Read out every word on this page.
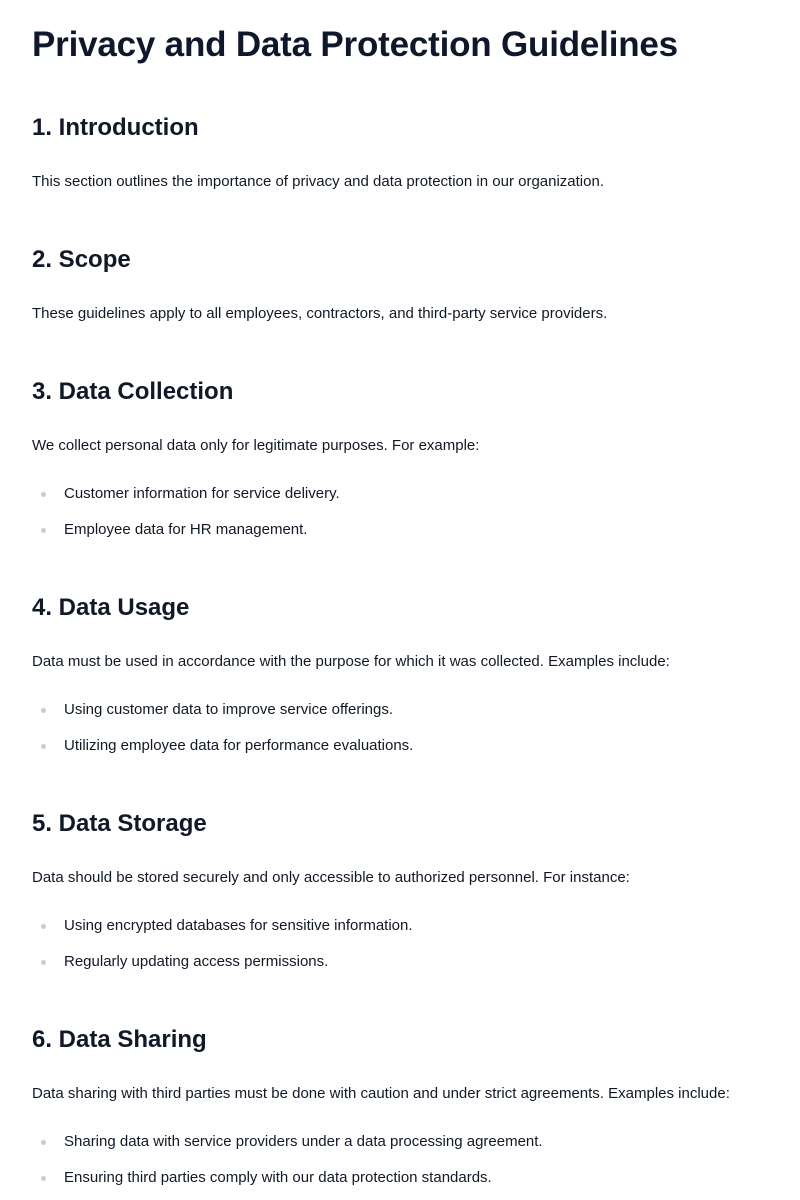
Privacy and Data Protection Guidelines
1. Introduction

This section outlines the importance of privacy and data protection in our organization.

2. Scope

These guidelines apply to all employees, contractors, and third-party service providers.

3. Data Collection

We collect personal data only for legitimate purposes. For example:

Customer information for service delivery.
Employee data for HR management.
4. Data Usage

Data must be used in accordance with the purpose for which it was collected. Examples include:

Using customer data to improve service offerings.
Utilizing employee data for performance evaluations.
5. Data Storage

Data should be stored securely and only accessible to authorized personnel. For instance:

Using encrypted databases for sensitive information.
Regularly updating access permissions.
6. Data Sharing

Data sharing with third parties must be done with caution and under strict agreements. Examples include:

Sharing data with service providers under a data processing agreement.
Ensuring third parties comply with our data protection standards.
